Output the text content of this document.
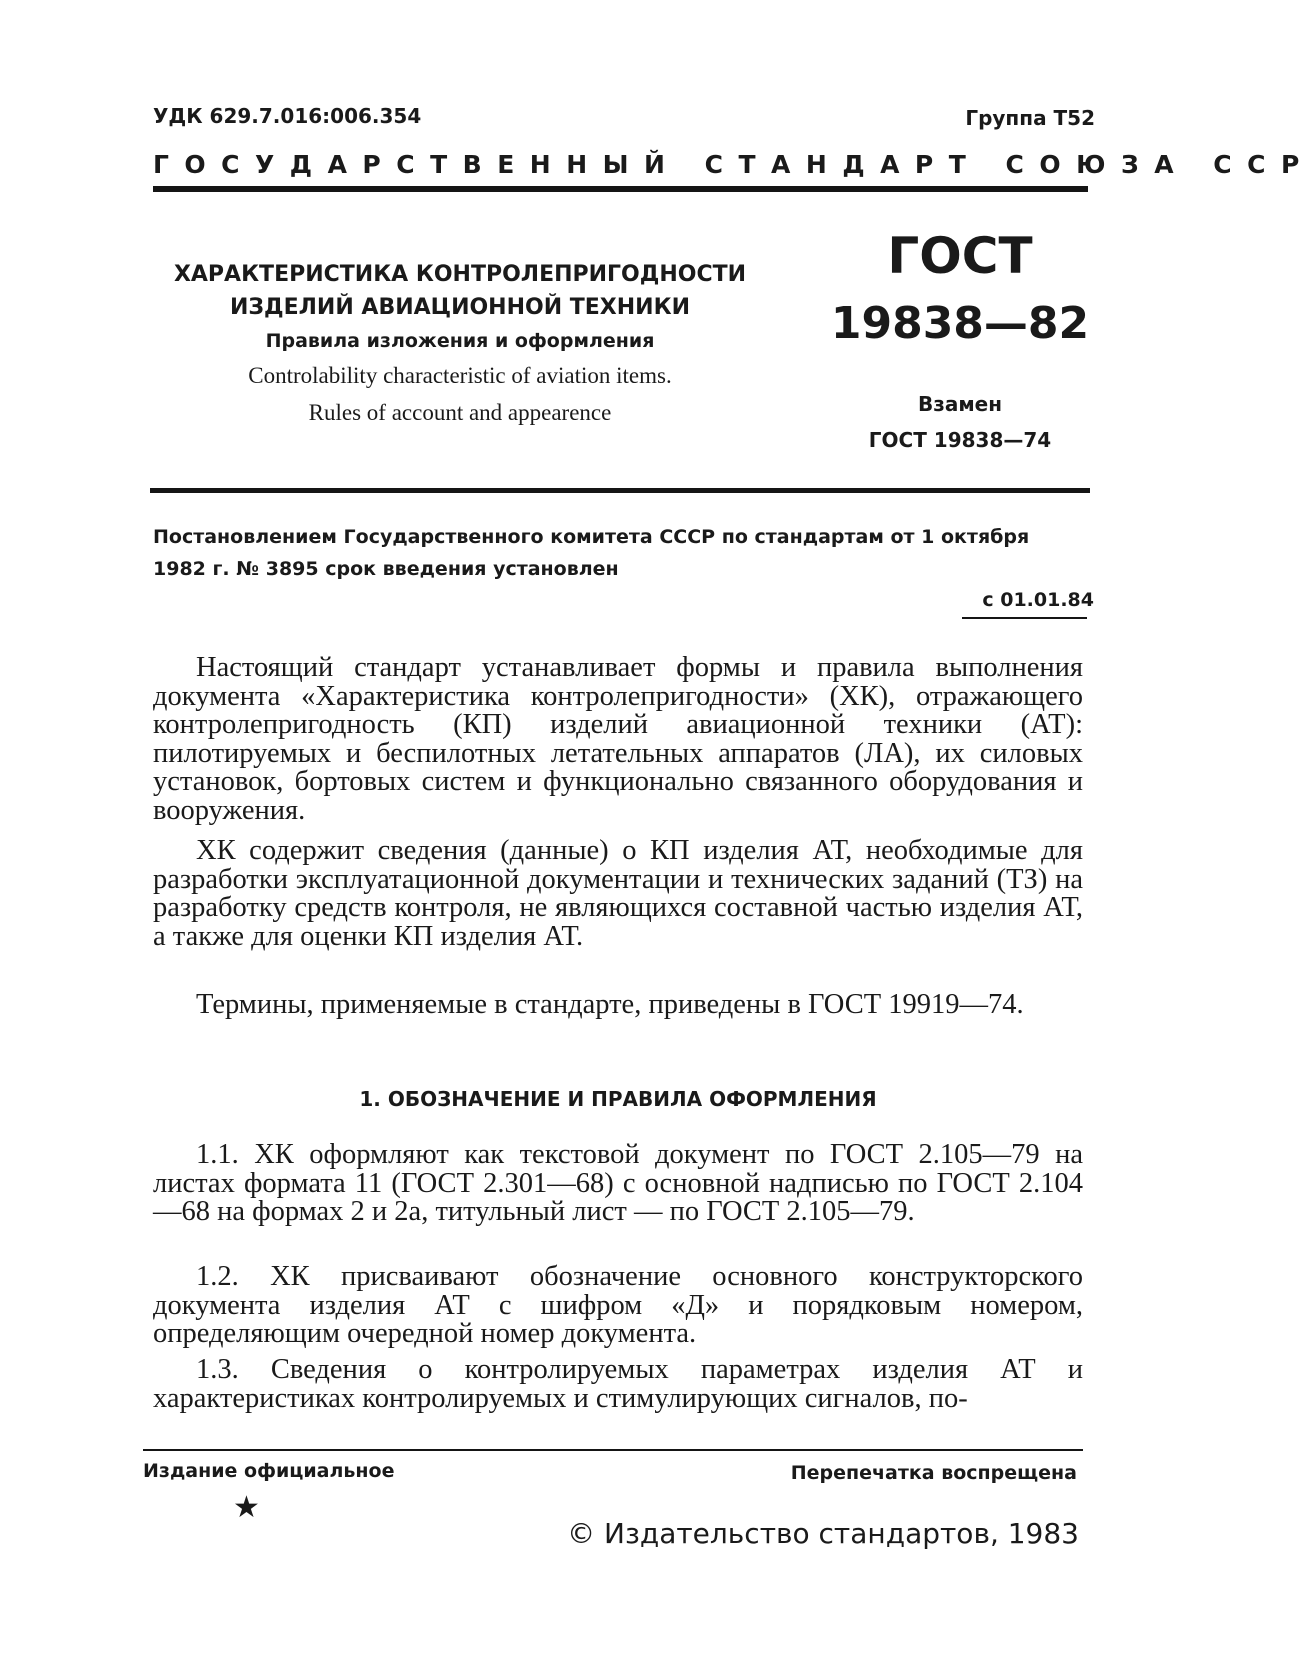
УДК 629.7.016:006.354	Группа Т52
ГОСУДАРСТВЕННЫЙ СТАНДАРТ СОЮЗА ССР
ХАРАКТЕРИСТИКА КОНТРОЛЕПРИГОДНОСТИ
ИЗДЕЛИЙ АВИАЦИОННОЙ ТЕХНИКИ
Правила изложения и оформления
Controlability characteristic of aviation items.
Rules of account and appearence
ГОСТ
19838—82
Взамен
ГОСТ 19838—74
Постановлением Государственного комитета СССР по стандартам от 1 октября 1982 г. № 3895 срок введения установлен
с 01.01.84

Настоящий стандарт устанавливает формы и правила выполнения документа «Характеристика контролепригодности» (ХК), отражающего контролепригодность (КП) изделий авиационной техники (АТ): пилотируемых и беспилотных летательных аппаратов (ЛА), их силовых установок, бортовых систем и функционально связанного оборудования и вооружения.

ХК содержит сведения (данные) о КП изделия АТ, необходимые для разработки эксплуатационной документации и технических заданий (ТЗ) на разработку средств контроля, не являющихся составной частью изделия АТ, а также для оценки КП изделия АТ.

Термины, применяемые в стандарте, приведены в ГОСТ 19919—74.

1. ОБОЗНАЧЕНИЕ И ПРАВИЛА ОФОРМЛЕНИЯ

1.1. ХК оформляют как текстовой документ по ГОСТ 2.105—79 на листах формата 11 (ГОСТ 2.301—68) с основной надписью по ГОСТ 2.104—68 на формах 2 и 2а, титульный лист — по ГОСТ 2.105—79.

1.2. ХК присваивают обозначение основного конструкторского документа изделия АТ с шифром «Д» и порядковым номером, определяющим очередной номер документа.

1.3. Сведения о контролируемых параметрах изделия АТ и характеристиках контролируемых и стимулирующих сигналов, по-

Издание официальное
★
Перепечатка воспрещена
© Издательство стандартов, 1983
